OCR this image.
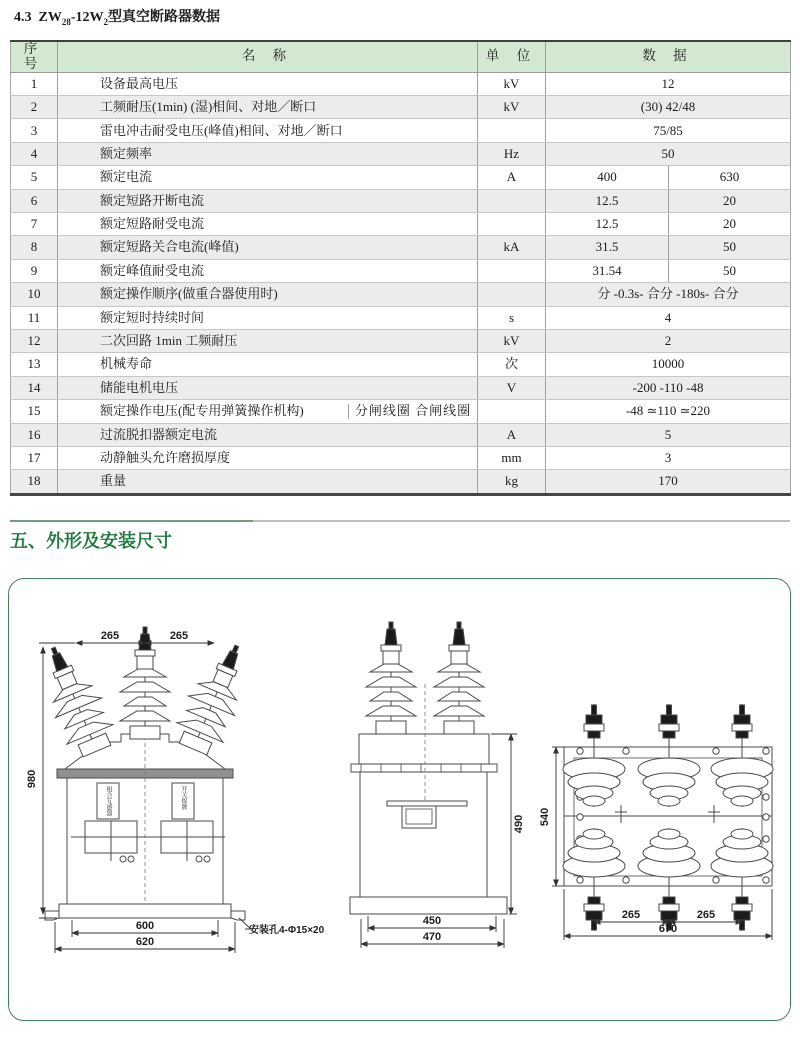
4.3 $ZW_{28}-12W_2$型真空断路器数据
序 号	名 称	单 位	数 据	
1	设备最高电压	kV	12	
2	工频耐压(1min) (湿)相间、对地／断口	kV	(30) 42/48	
3	雷电冲击耐受电压(峰值)相间、对地／断口		75/85	
4	额定频率	Hz	50	
5	额定电流	A	400	630
6	额定短路开断电流		12.5	20
7	额定短路耐受电流		12.5	20
8	额定短路关合电流(峰值)	kA	31.5	50
9	额定峰值耐受电流		31.54	50
10	额定操作顺序(做重合器使用时)		分 -0.3s- 合分 -180s- 合分	
11	额定短时持续时间	s	4	
12	二次回路 1min 工频耐压	kV	2	
13	机械寿命	次	10000	
14	储能电机电压	V	-200 -110 -48	
15	额定操作电压(配专用弹簧操作机构) 分闸线圈 合闸线圈		-48 ≃110 ≃220	
16	过流脱扣器额定电流	A	5	
17	动静触头允许磨损厚度	mm	3	
18	重量	kg	170	
五、外形及安装尺寸
组合互感器	开关铭牌
265	265
980
600
620
安装孔4-Φ15×20
490
450
470
540
265	265
670
